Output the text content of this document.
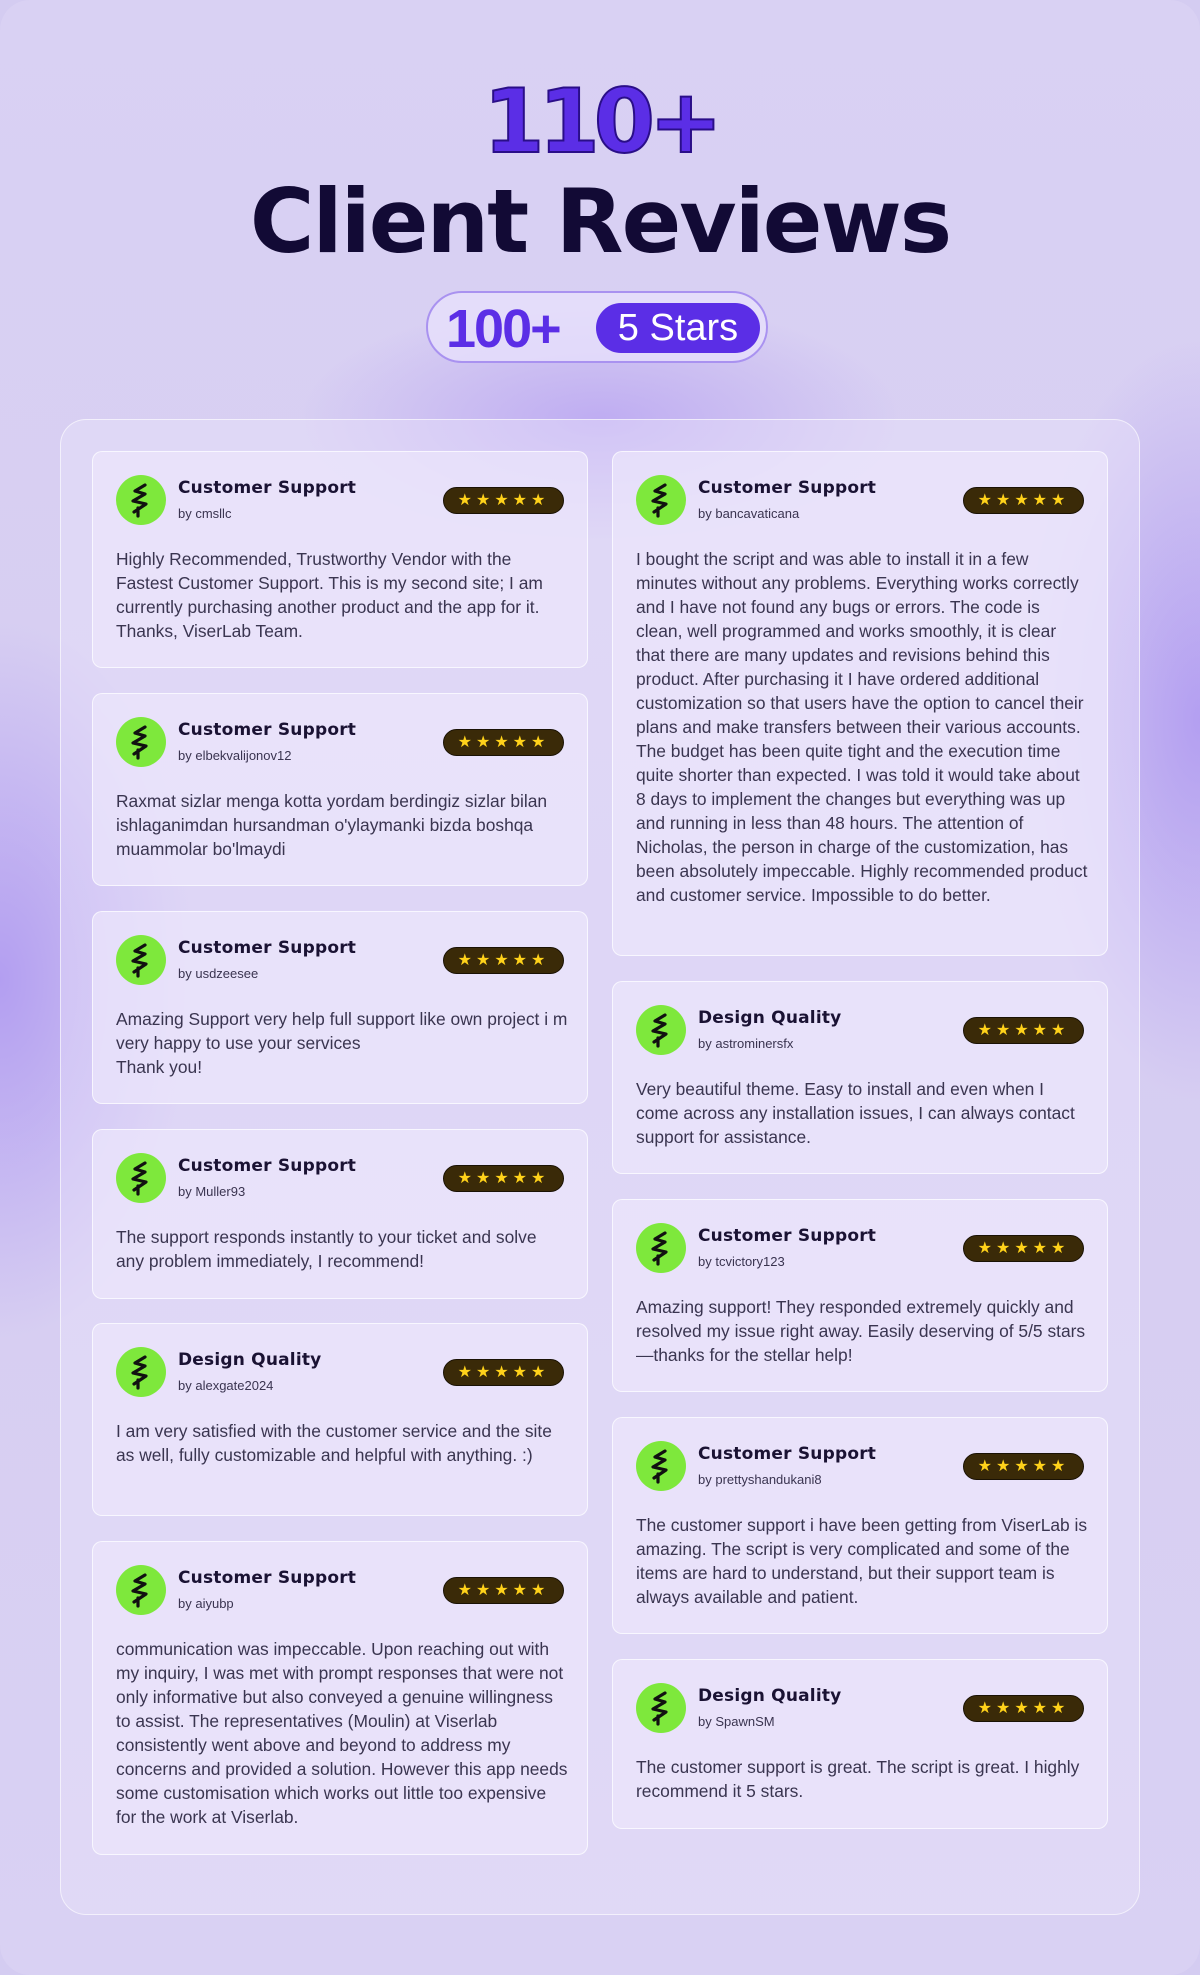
110+
Client Reviews
100+	5 Stars
Customer Support
by cmsllc
★★★★★
Highly Recommended, Trustworthy Vendor with the Fastest Customer Support. This is my second site; I am currently purchasing another product and the app for it. Thanks, ViserLab Team.
Customer Support
by elbekvalijonov12
★★★★★
Raxmat sizlar menga kotta yordam berdingiz sizlar bilan ishlaganimdan hursandman o'ylaymanki bizda boshqa muammolar bo'lmaydi
Customer Support
by usdzeesee
★★★★★
Amazing Support very help full support like own project i m very happy to use your services
Thank you!
Customer Support
by Muller93
★★★★★
The support responds instantly to your ticket and solve any problem immediately, I recommend!
Design Quality
by alexgate2024
★★★★★
I am very satisfied with the customer service and the site as well, fully customizable and helpful with anything. :)
Customer Support
by aiyubp
★★★★★
communication was impeccable. Upon reaching out with my inquiry, I was met with prompt responses that were not only informative but also conveyed a genuine willingness to assist. The representatives (Moulin) at Viserlab consistently went above and beyond to address my concerns and provided a solution. However this app needs some customisation which works out little too expensive for the work at Viserlab.
Customer Support
by bancavaticana
★★★★★
I bought the script and was able to install it in a few minutes without any problems. Everything works correctly and I have not found any bugs or errors. The code is clean, well programmed and works smoothly, it is clear that there are many updates and revisions behind this product. After purchasing it I have ordered additional customization so that users have the option to cancel their plans and make transfers between their various accounts. The budget has been quite tight and the execution time quite shorter than expected. I was told it would take about 8 days to implement the changes but everything was up and running in less than 48 hours. The attention of Nicholas, the person in charge of the customization, has been absolutely impeccable. Highly recommended product and customer service. Impossible to do better.
Design Quality
by astrominersfx
★★★★★
Very beautiful theme. Easy to install and even when I come across any installation issues, I can always contact support for assistance.
Customer Support
by tcvictory123
★★★★★
Amazing support! They responded extremely quickly and resolved my issue right away. Easily deserving of 5/5 stars—thanks for the stellar help!
Customer Support
by prettyshandukani8
★★★★★
The customer support i have been getting from ViserLab is amazing. The script is very complicated and some of the items are hard to understand, but their support team is always available and patient.
Design Quality
by SpawnSM
★★★★★
The customer support is great. The script is great. I highly recommend it 5 stars.
